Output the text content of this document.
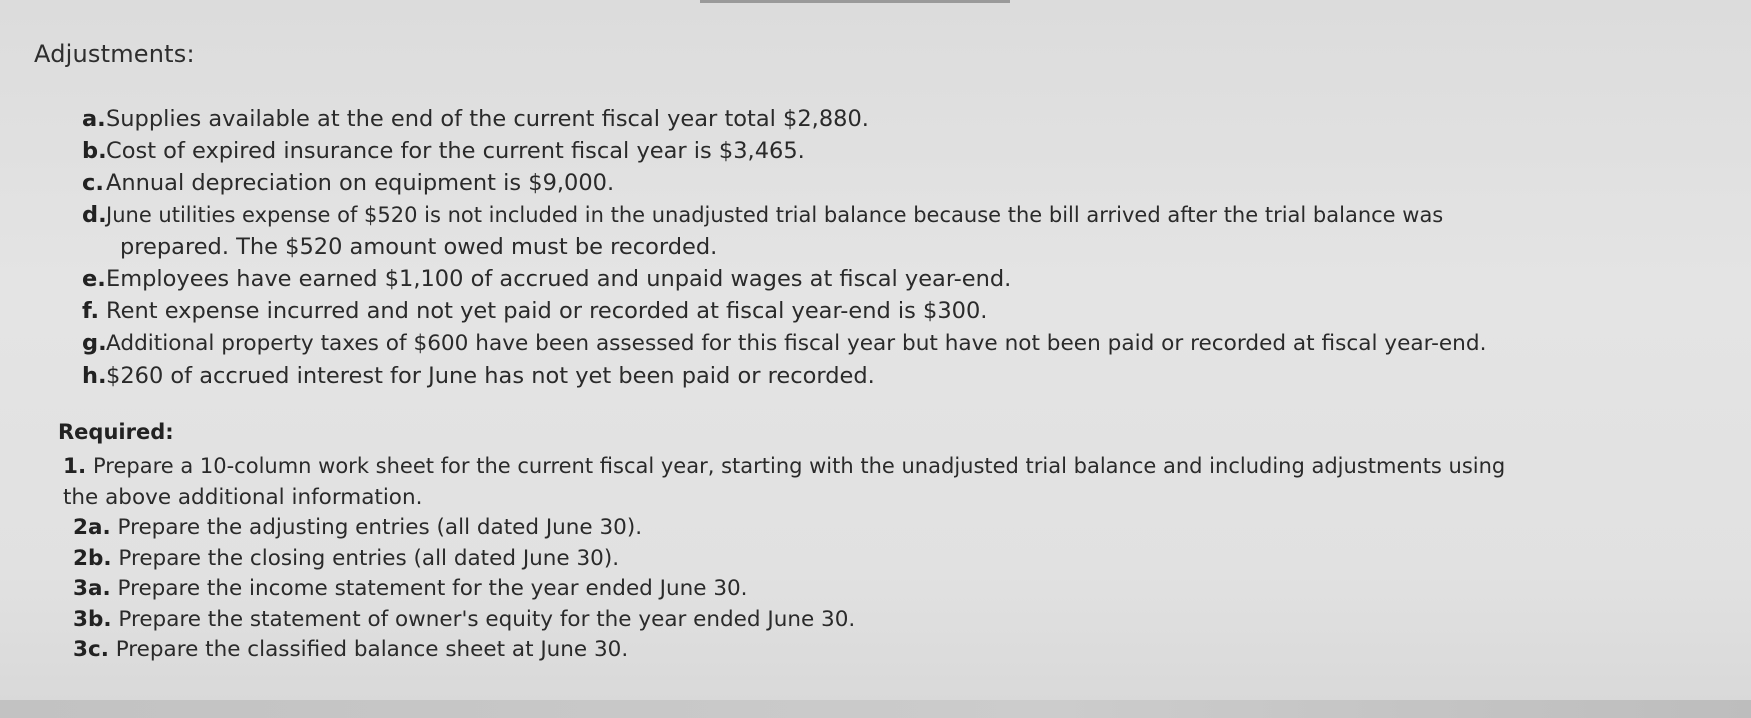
Adjustments:
a. Supplies available at the end of the current fiscal year total $2,880.
b. Cost of expired insurance for the current fiscal year is $3,465.
c. Annual depreciation on equipment is $9,000.
d. June utilities expense of $520 is not included in the unadjusted trial balance because the bill arrived after the trial balance was
prepared. The $520 amount owed must be recorded.
e. Employees have earned $1,100 of accrued and unpaid wages at fiscal year-end.
f. Rent expense incurred and not yet paid or recorded at fiscal year-end is $300.
g. Additional property taxes of $600 have been assessed for this fiscal year but have not been paid or recorded at fiscal year-end.
h. $260 of accrued interest for June has not yet been paid or recorded.
Required:
1. Prepare a 10-column work sheet for the current fiscal year, starting with the unadjusted trial balance and including adjustments using
the above additional information.
2a. Prepare the adjusting entries (all dated June 30).
2b. Prepare the closing entries (all dated June 30).
3a. Prepare the income statement for the year ended June 30.
3b. Prepare the statement of owner's equity for the year ended June 30.
3c. Prepare the classified balance sheet at June 30.
